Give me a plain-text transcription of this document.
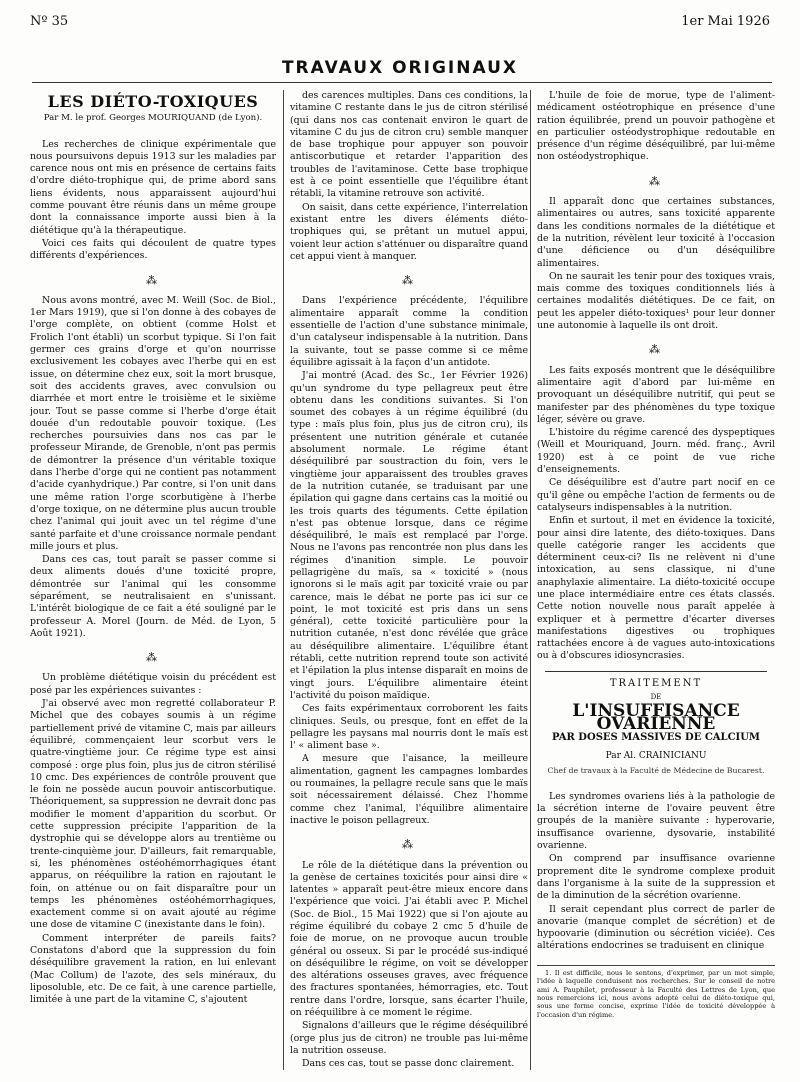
Nº 35	1er Mai 1926
TRAVAUX ORIGINAUX
LES DIÉTO-TOXIQUES
Par M. le prof. Georges MOURIQUAND (de Lyon).
Les recherches de clinique expérimentale que nous poursuivons depuis 1913 sur les maladies par carence nous ont mis en présence de certains faits d'ordre diéto-trophique qui, de prime abord sans liens évidents, nous apparaissent aujourd'hui comme pouvant être réunis dans un même groupe dont la connaissance importe aussi bien à la diététique qu'à la thérapeutique.
Voici ces faits qui découlent de quatre types différents d'expériences.
⁂
Nous avons montré, avec M. Weill (Soc. de Biol., 1er Mars 1919), que si l'on donne à des cobayes de l'orge complète, on obtient (comme Holst et Frolich l'ont établi) un scorbut typique. Si l'on fait germer ces grains d'orge et qu'on nourrisse exclusivement les cobayes avec l'herbe qui en est issue, on détermine chez eux, soit la mort brusque, soit des accidents graves, avec convulsion ou diarrhée et mort entre le troisième et le sixième jour. Tout se passe comme si l'herbe d'orge était douée d'un redoutable pouvoir toxique. (Les recherches poursuivies dans nos cas par le professeur Mirande, de Grenoble, n'ont pas permis de démontrer la présence d'un véritable toxique dans l'herbe d'orge qui ne contient pas notamment d'acide cyanhydrique.) Par contre, si l'on unit dans une même ration l'orge scorbutigène à l'herbe d'orge toxique, on ne détermine plus aucun trouble chez l'animal qui jouit avec un tel régime d'une santé parfaite et d'une croissance normale pendant mille jours et plus.
Dans ces cas, tout paraît se passer comme si deux aliments doués d'une toxicité propre, démontrée sur l'animal qui les consomme séparément, se neutralisaient en s'unissant. L'intérêt biologique de ce fait a été souligné par le professeur A. Morel (Journ. de Méd. de Lyon, 5 Août 1921).
⁂
Un problème diététique voisin du précédent est posé par les expériences suivantes :
J'ai observé avec mon regretté collaborateur P. Michel que des cobayes soumis à un régime partiellement privé de vitamine C, mais par ailleurs équilibré, commençaient leur scorbut vers le quatre-vingtième jour. Ce régime type est ainsi composé : orge plus foin, plus jus de citron stérilisé 10 cmc. Des expériences de contrôle prouvent que le foin ne possède aucun pouvoir antiscorbutique. Théoriquement, sa suppression ne devrait donc pas modifier le moment d'apparition du scorbut. Or cette suppression précipite l'apparition de la dystrophie qui se développe alors au trentième ou trente-cinquième jour. D'ailleurs, fait remarquable, si, les phénomènes ostéohémorrhagiques étant apparus, on rééquilibre la ration en rajoutant le foin, on atténue ou on fait disparaître pour un temps les phénomènes ostéohémorrhagiques, exactement comme si on avait ajouté au régime une dose de vitamine C (inexistante dans le foin).
Comment interpréter de pareils faits? Constatons d'abord que la suppression du foin déséquilibre gravement la ration, en lui enlevant (Mac Collum) de l'azote, des sels minéraux, du liposoluble, etc. De ce fait, à une carence partielle, limitée à une part de la vitamine C, s'ajoutent
des carences multiples. Dans ces conditions, la vitamine C restante dans le jus de citron stérilisé (qui dans nos cas contenait environ le quart de vitamine C du jus de citron cru) semble manquer de base trophique pour appuyer son pouvoir antiscorbutique et retarder l'apparition des troubles de l'avitaminose. Cette base trophique est à ce point essentielle que l'équilibre étant rétabli, la vitamine retrouve son activité.
On saisit, dans cette expérience, l'interrelation existant entre les divers éléments diéto-trophiques qui, se prêtant un mutuel appui, voient leur action s'atténuer ou disparaître quand cet appui vient à manquer.
⁂
Dans l'expérience précédente, l'équilibre alimentaire apparaît comme la condition essentielle de l'action d'une substance minimale, d'un catalyseur indispensable à la nutrition. Dans la suivante, tout se passe comme si ce même équilibre agissait à la façon d'un antidote.
J'ai montré (Acad. des Sc., 1er Février 1926) qu'un syndrome du type pellagreux peut être obtenu dans les conditions suivantes. Si l'on soumet des cobayes à un régime équilibré (du type : maïs plus foin, plus jus de citron cru), ils présentent une nutrition générale et cutanée absolument normale. Le régime étant déséquilibré par soustraction du foin, vers le vingtième jour apparaissent des troubles graves de la nutrition cutanée, se traduisant par une épilation qui gagne dans certains cas la moitié ou les trois quarts des téguments. Cette épilation n'est pas obtenue lorsque, dans ce régime déséquilibré, le maïs est remplacé par l'orge. Nous ne l'avons pas rencontrée non plus dans les régimes d'inanition simple. Le pouvoir pellagrigène du maïs, sa « toxicité » (nous ignorons si le maïs agit par toxicité vraie ou par carence, mais le débat ne porte pas ici sur ce point, le mot toxicité est pris dans un sens général), cette toxicité particulière pour la nutrition cutanée, n'est donc révélée que grâce au déséquilibre alimentaire. L'équilibre étant rétabli, cette nutrition reprend toute son activité et l'épilation la plus intense disparaît en moins de vingt jours. L'équilibre alimentaire éteint l'activité du poison maïdique.
Ces faits expérimentaux corroborent les faits cliniques. Seuls, ou presque, font en effet de la pellagre les paysans mal nourris dont le maïs est l' « aliment base ».
A mesure que l'aisance, la meilleure alimentation, gagnent les campagnes lombardes ou roumaines, la pellagre recule sans que le maïs soit nécessairement délaissé. Chez l'homme comme chez l'animal, l'équilibre alimentaire inactive le poison pellagreux.
⁂
Le rôle de la diététique dans la prévention ou la genèse de certaines toxicités pour ainsi dire « latentes » apparaît peut-être mieux encore dans l'expérience que voici. J'ai établi avec P. Michel (Soc. de Biol., 15 Mai 1922) que si l'on ajoute au régime équilibré du cobaye 2 cmc 5 d'huile de foie de morue, on ne provoque aucun trouble général ou osseux. Si par le procédé sus-indiqué on déséquilibre le régime, on voit se développer des altérations osseuses graves, avec fréquence des fractures spontanées, hémorragies, etc. Tout rentre dans l'ordre, lorsque, sans écarter l'huile, on rééquilibre à ce moment le régime.
Signalons d'ailleurs que le régime déséquilibré (orge plus jus de citron) ne trouble pas lui-même la nutrition osseuse.
Dans ces cas, tout se passe donc clairement.
L'huile de foie de morue, type de l'aliment-médicament ostéotrophique en présence d'une ration équilibrée, prend un pouvoir pathogène et en particulier ostéodystrophique redoutable en présence d'un régime déséquilibré, par lui-même non ostéodystrophique.
⁂
Il apparaît donc que certaines substances, alimentaires ou autres, sans toxicité apparente dans les conditions normales de la diététique et de la nutrition, révèlent leur toxicité à l'occasion d'une déficience ou d'un déséquilibre alimentaires.
On ne saurait les tenir pour des toxiques vrais, mais comme des toxiques conditionnels liés à certaines modalités diététiques. De ce fait, on peut les appeler diéto-toxiques¹ pour leur donner une autonomie à laquelle ils ont droit.
⁂
Les faits exposés montrent que le déséquilibre alimentaire agit d'abord par lui-même en provoquant un déséquilibre nutritif, qui peut se manifester par des phénomènes du type toxique léger, sévère ou grave.
L'histoire du régime carencé des dyspeptiques (Weill et Mouriquand, Journ. méd. franç., Avril 1920) est à ce point de vue riche d'enseignements.
Ce déséquilibre est d'autre part nocif en ce qu'il gêne ou empêche l'action de ferments ou de catalyseurs indispensables à la nutrition.
Enfin et surtout, il met en évidence la toxicité, pour ainsi dire latente, des diéto-toxiques. Dans quelle catégorie ranger les accidents que déterminent ceux-ci? Ils ne relèvent ni d'une intoxication, au sens classique, ni d'une anaphylaxie alimentaire. La diéto-toxicité occupe une place intermédiaire entre ces états classés. Cette notion nouvelle nous paraît appelée à expliquer et à permettre d'écarter diverses manifestations digestives ou trophiques rattachées encore à de vagues auto-intoxications ou à d'obscures idiosyncrasies.
TRAITEMENT
DE
L'INSUFFISANCE OVARIENNE
PAR DOSES MASSIVES DE CALCIUM
Par Al. CRAINICIANU
Chef de travaux à la Faculté de Médecine de Bucarest.
Les syndromes ovariens liés à la pathologie de la sécrétion interne de l'ovaire peuvent être groupés de la manière suivante : hyperovarie, insuffisance ovarienne, dysovarie, instabilité ovarienne.
On comprend par insuffisance ovarienne proprement dite le syndrome complexe produit dans l'organisme à la suite de la suppression et de la diminution de la sécrétion ovarienne.
Il serait cependant plus correct de parler de anovarie (manque complet de sécrétion) et de hypoovarie (diminution ou sécrétion viciée). Ces altérations endocrines se traduisent en clinique

1. Il est difficile, nous le sentons, d'exprimer, par un mot simple, l'idée à laquelle conduisent nos recherches. Sur le conseil de notre ami A. Pauphilet, professeur à la Faculté des Lettres de Lyon, que nous remercions ici, nous avons adopté celui de diéto-toxique qui, sous une forme concise, exprime l'idée de toxicité développée à l'occasion d'un régime.
